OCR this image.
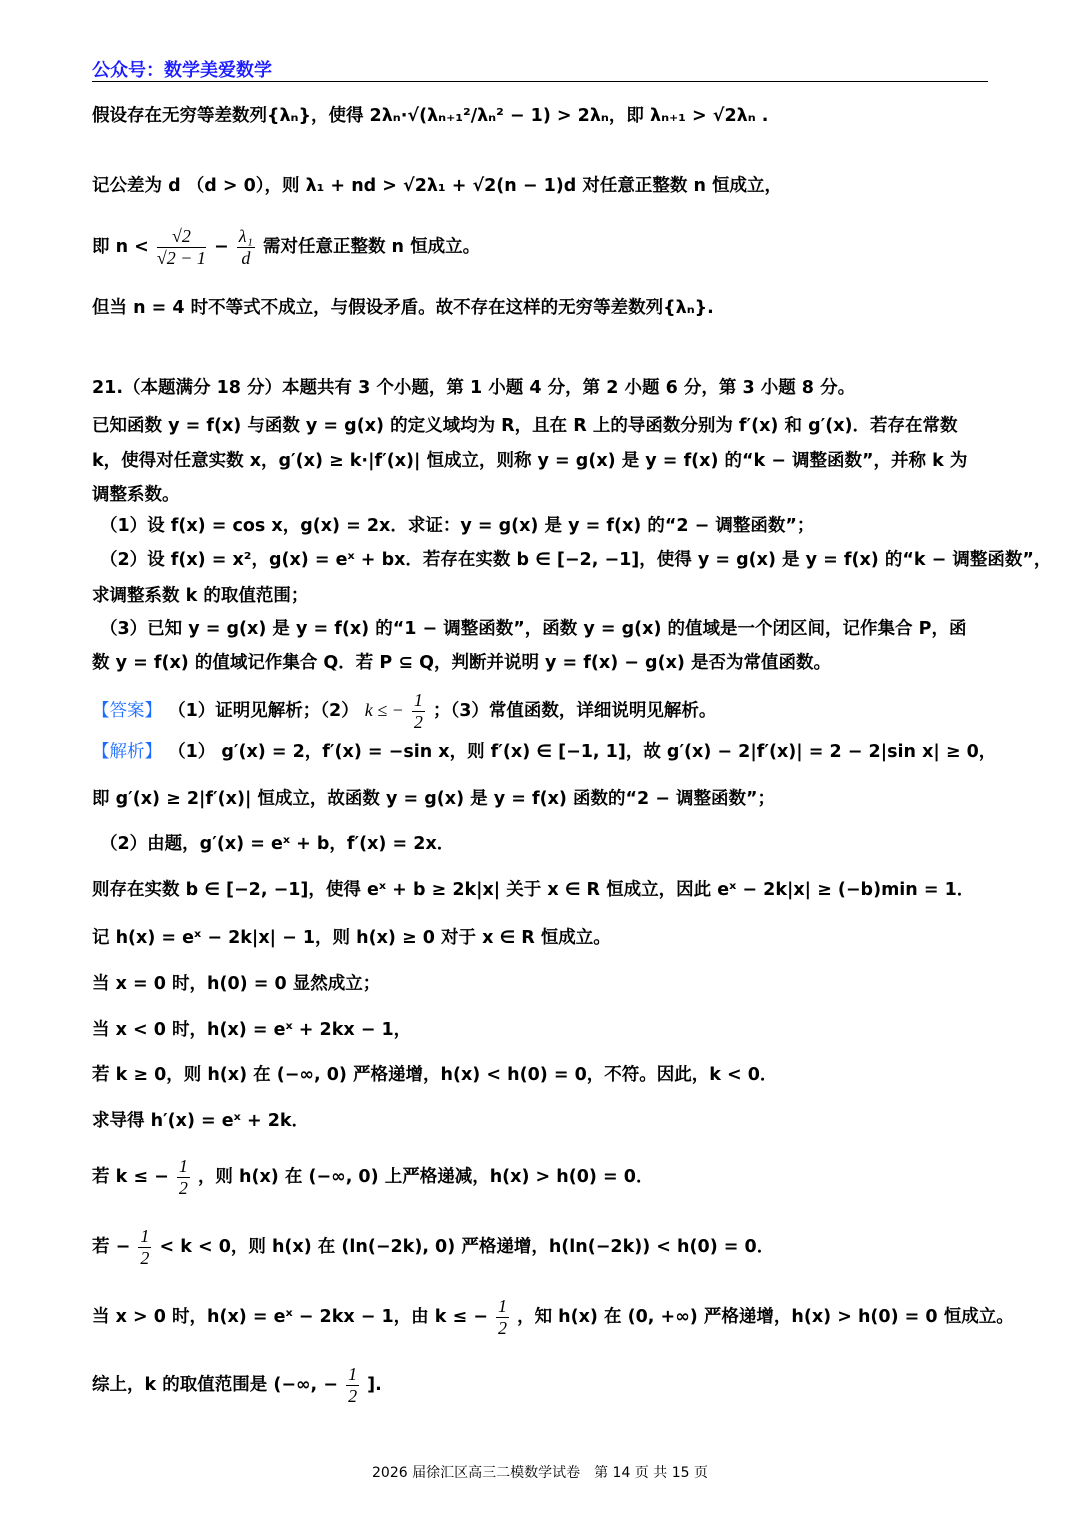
公众号：数学美爱数学
假设存在无穷等差数列{λₙ}，使得 2λₙ·√(λₙ₊₁²/λₙ² − 1) > 2λₙ，即 λₙ₊₁ > √2λₙ .
记公差为 d （d > 0），则 λ₁ + nd > √2λ₁ + √2(n − 1)d 对任意正整数 n 恒成立，
即 $n < \frac{√2}{√2 - 1} - \frac{\text{λ₁}}{d}$ 需对任意正整数 n 恒成立。
但当 n = 4 时不等式不成立，与假设矛盾。故不存在这样的无穷等差数列{λₙ}.
21.（本题满分 18 分）本题共有 3 个小题，第 1 小题 4 分，第 2 小题 6 分，第 3 小题 8 分。
已知函数 y = f(x) 与函数 y = g(x) 的定义域均为 R，且在 R 上的导函数分别为 f′(x) 和 g′(x)．若存在常数
k，使得对任意实数 x，g′(x) ≥ k·|f′(x)| 恒成立，则称 y = g(x) 是 y = f(x) 的“k − 调整函数”，并称 k 为
调整系数。
（1）设 f(x) = cos x，g(x) = 2x．求证：y = g(x) 是 y = f(x) 的“2 − 调整函数”；
（2）设 f(x) = x²，g(x) = eˣ + bx．若存在实数 b ∈ [−2, −1]，使得 y = g(x) 是 y = f(x) 的“k − 调整函数”，
求调整系数 k 的取值范围；
（3）已知 y = g(x) 是 y = f(x) 的“1 − 调整函数”，函数 y = g(x) 的值域是一个闭区间，记作集合 P，函
数 y = f(x) 的值域记作集合 Q．若 P ⊆ Q，判断并说明 y = f(x) − g(x) 是否为常值函数。
【答案】 （1）证明见解析；（2） k ≤ − $\frac{1}{2}$ ；（3）常值函数，详细说明见解析。
【解析】 （1） g′(x) = 2，f′(x) = −sin x，则 f′(x) ∈ [−1, 1]，故 g′(x) − 2|f′(x)| = 2 − 2|sin x| ≥ 0，
即 g′(x) ≥ 2|f′(x)| 恒成立，故函数 y = g(x) 是 y = f(x) 函数的“2 − 调整函数”；
（2）由题，g′(x) = eˣ + b，f′(x) = 2x．
则存在实数 b ∈ [−2, −1]，使得 eˣ + b ≥ 2k|x| 关于 x ∈ R 恒成立，因此 eˣ − 2k|x| ≥ (−b)min = 1．
记 h(x) = eˣ − 2k|x| − 1，则 h(x) ≥ 0 对于 x ∈ R 恒成立。
当 x = 0 时，h(0) = 0 显然成立；
当 x < 0 时，h(x) = eˣ + 2kx − 1，
若 k ≥ 0，则 h(x) 在 (−∞, 0) 严格递增，h(x) < h(0) = 0，不符。因此，k < 0．
求导得 h′(x) = eˣ + 2k．
若 k ≤ − $\frac{1}{2}$ ，则 h(x) 在 (−∞, 0) 上严格递减，h(x) > h(0) = 0．
若 − $\frac{1}{2} < k < 0$，则 h(x) 在 (ln(−2k), 0) 严格递增，h(ln(−2k)) < h(0) = 0．
当 x > 0 时，h(x) = eˣ − 2kx − 1，由 k ≤ − $\frac{1}{2}$ ，知 h(x) 在 (0, +∞) 严格递增，h(x) > h(0) = 0 恒成立。
综上，k 的取值范围是 (−∞, − $\frac{1}{2}$ ].
2026 届徐汇区高三二模数学试卷　第 14 页 共 15 页
